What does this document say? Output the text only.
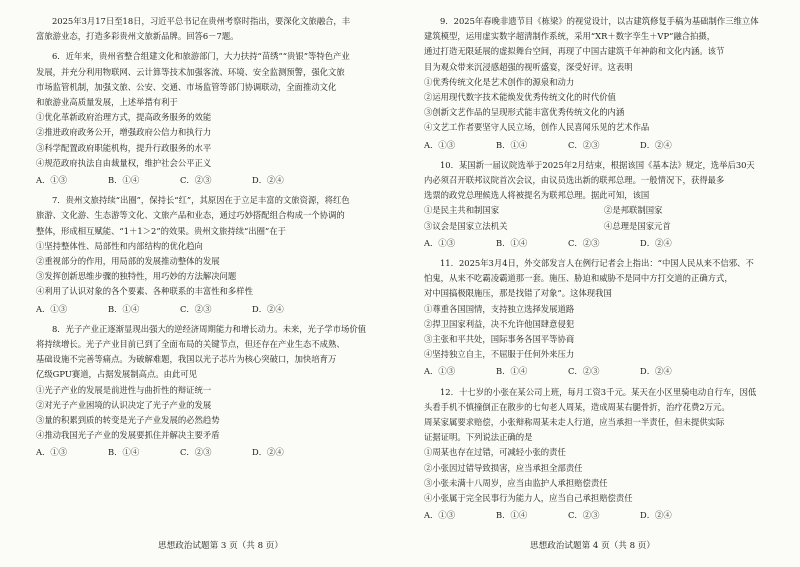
2025年3月17日至18日，习近平总书记在贵州考察时指出，要深化文旅融合，丰

富旅游业态，打造多彩贵州文旅新品牌。回答6－7题。

6．近年来，贵州省整合组建文化和旅游部门，大力扶持“苗绣”“贵银”等特色产业

发展，并充分利用物联网、云计算等技术加强客流、环境、安全监测预警，强化文旅

市场监管机制，加强文旅、公安、交通、市场监管等部门协调联动，全面推动文化

和旅游业高质量发展，上述举措有利于

①优化革新政府治理方式，提高政务服务的效能

②推进政府政务公开，增强政府公信力和执行力

③科学配置政府职能机构，提升行政服务的水平

④规范政府执法自由裁量权，维护社会公平正义

A．①③	B．①④	C．②③	D．②④

7．贵州文旅持续“出圈”，保持长“红”，其原因在于立足丰富的文旅资源，将红色

旅游、文化游、生态游等文化、文旅产品和业态，通过巧妙搭配组合构成一个协调的

整体，形成相互赋能、“1＋1＞2”的效果。贵州文旅持续“出圈”在于

①坚持整体性、局部性和内部结构的优化趋向

②重视部分的作用，用局部的发展推动整体的发展

③发挥创新思维步骤的独特性，用巧妙的方法解决问题

④利用了认识对象的各个要素、各种联系的丰富性和多样性

A．①③	B．①④	C．②③	D．②④

8．光子产业正逐渐显现出强大的逆经济周期能力和增长动力。未来，光子学市场价值

将持续增长。光子产业目前已到了全面布局的关键节点，但还存在产业生态不成熟、

基础设施不完善等痛点。为破解难题，我国以光子芯片为核心突破口，加快培育万

亿级GPU赛道，占据发展制高点。由此可见

①光子产业的发展是前进性与曲折性的辩证统一

②对光子产业困境的认识决定了光子产业的发展

③量的积累到质的转变是光子产业发展的必然趋势

④推动我国光子产业的发展要抓住并解决主要矛盾

A．①③	B．①④	C．②③	D．②④

9．2025年春晚非遗节目《栋梁》的视觉设计，以古建筑修复手稿为基础制作三维立体

建筑模型，运用虚实数字超清制作系统，采用“XR＋数字孪生＋VP”融合拍摄，

通过打造无限延展的虚拟舞台空间，再现了中国古建筑千年神韵和文化内涵。该节

目为观众带来沉浸感超强的视听盛宴，深受好评。这表明

①优秀传统文化是艺术创作的源泉和动力

②运用现代数字技术能焕发优秀传统文化的时代价值

③创新文艺作品的呈现形式能丰富优秀传统文化的内涵

④文艺工作者要坚守人民立场，创作人民喜闻乐见的艺术作品

A．①③	B．①④	C．②③	D．②④

10．某国新一届议院选举于2025年2月结束，根据该国《基本法》规定，选举后30天

内必须召开联邦议院首次会议，由议员选出新的联邦总理。一般情况下，获得最多

选票的政党总理候选人将被提名为联邦总理。据此可知，该国

①是民主共和制国家	②是邦联制国家
③议会是国家立法机关	④总理是国家元首
A．①③	B．①④	C．②③	D．②④

11．2025年3月4日，外交部发言人在例行记者会上指出：“中国人民从来不信邪、不

怕鬼，从来不吃霸凌霸道那一套。施压、胁迫和威胁不是同中方打交道的正确方式，

对中国搞极限施压，那是找错了对象”。这体现我国

①尊重各国国情，支持独立选择发展道路

②捍卫国家利益，决不允许他国肆意侵犯

③主张和平共处，国际事务各国平等协商

④坚持独立自主，不屈服于任何外来压力

A．①③	B．①④	C．②③	D．②④

12．十七岁的小张在某公司上班，每月工资3千元。某天在小区里骑电动自行车，因低

头看手机不慎撞倒正在散步的七旬老人周某，造成周某右腿骨折，治疗花费2万元。

周某家属要求赔偿，小张辩称周某未走人行道，应当承担一半责任，但未提供实际

证据证明。下列说法正确的是

①周某也存在过错，可减轻小张的责任

②小张因过错导致损害，应当承担全部责任

③小张未满十八周岁，应当由监护人承担赔偿责任

④小张属于完全民事行为能力人，应当自己承担赔偿责任

A．①③	B．①④	C．②③	D．②④
思想政治试题第 3 页（共 8 页）	思想政治试题第 4 页（共 8 页）
